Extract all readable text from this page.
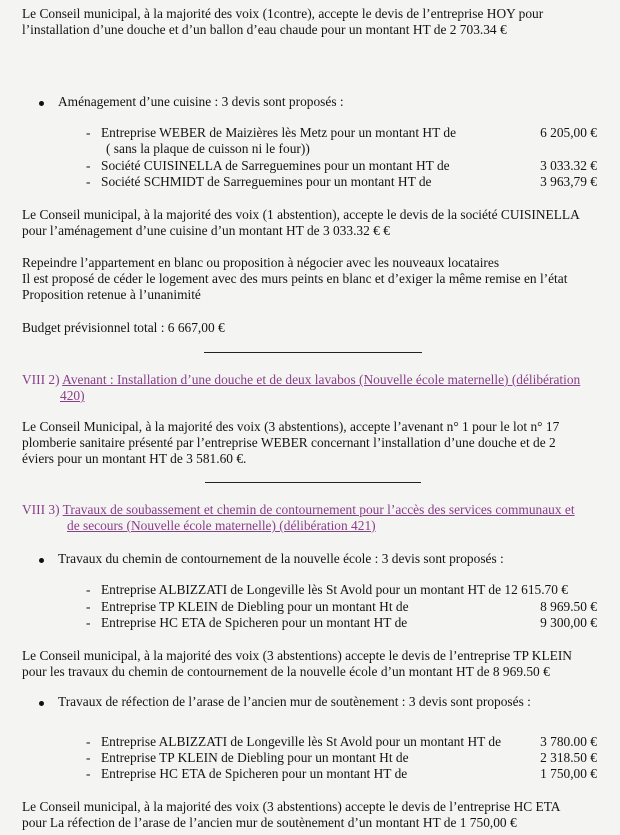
Le Conseil municipal, à la majorité des voix (1contre), accepte le devis de l’entreprise HOY pour
l’installation d’une douche et d’un ballon d’eau chaude pour un montant HT de 2 703.34 €
Aménagement d’une cuisine : 3 devis sont proposés :
- Entreprise WEBER de Maizières lès Metz pour un montant HT de	6 205,00 €
( sans la plaque de cuisson ni le four))
- Société CUISINELLA de Sarreguemines pour un montant HT de	3 033.32 €
- Société SCHMIDT de Sarreguemines pour un montant HT de	3 963,79 €
Le Conseil municipal, à la majorité des voix (1 abstention), accepte le devis de la société CUISINELLA
pour l’aménagement d’une cuisine d’un montant HT de 3 033.32 € €
Repeindre l’appartement en blanc ou proposition à négocier avec les nouveaux locataires
Il est proposé de céder le logement avec des murs peints en blanc et d’exiger la même remise en l’état
Proposition retenue à l’unanimité
Budget prévisionnel total : 6 667,00 €
VIII 2) Avenant : Installation d’une douche et de deux lavabos (Nouvelle école maternelle) (délibération
420)
Le Conseil Municipal, à la majorité des voix (3 abstentions), accepte l’avenant n° 1 pour le lot n° 17
plomberie sanitaire présenté par l’entreprise WEBER concernant l’installation d’une douche et de 2
éviers pour un montant HT de 3 581.60 €.
VIII 3) Travaux de soubassement et chemin de contournement pour l’accès des services communaux et
de secours (Nouvelle école maternelle) (délibération 421)
Travaux du chemin de contournement de la nouvelle école : 3 devis sont proposés :
- Entreprise ALBIZZATI de Longeville lès St Avold pour un montant HT de 12 615.70 €
- Entreprise TP KLEIN de Diebling pour un montant Ht de	8 969.50 €
- Entreprise HC ETA de Spicheren pour un montant HT de	9 300,00 €
Le Conseil municipal, à la majorité des voix (3 abstentions) accepte le devis de l’entreprise TP KLEIN
pour les travaux du chemin de contournement de la nouvelle école d’un montant HT de 8 969.50 €
Travaux de réfection de l’arase de l’ancien mur de soutènement : 3 devis sont proposés :
- Entreprise ALBIZZATI de Longeville lès St Avold pour un montant HT de	3 780.00 €
- Entreprise TP KLEIN de Diebling pour un montant Ht de	2 318.50 €
- Entreprise HC ETA de Spicheren pour un montant HT de	1 750,00 €
Le Conseil municipal, à la majorité des voix (3 abstentions) accepte le devis de l’entreprise HC ETA
pour La réfection de l’arase de l’ancien mur de soutènement d’un montant HT de 1 750,00 €
